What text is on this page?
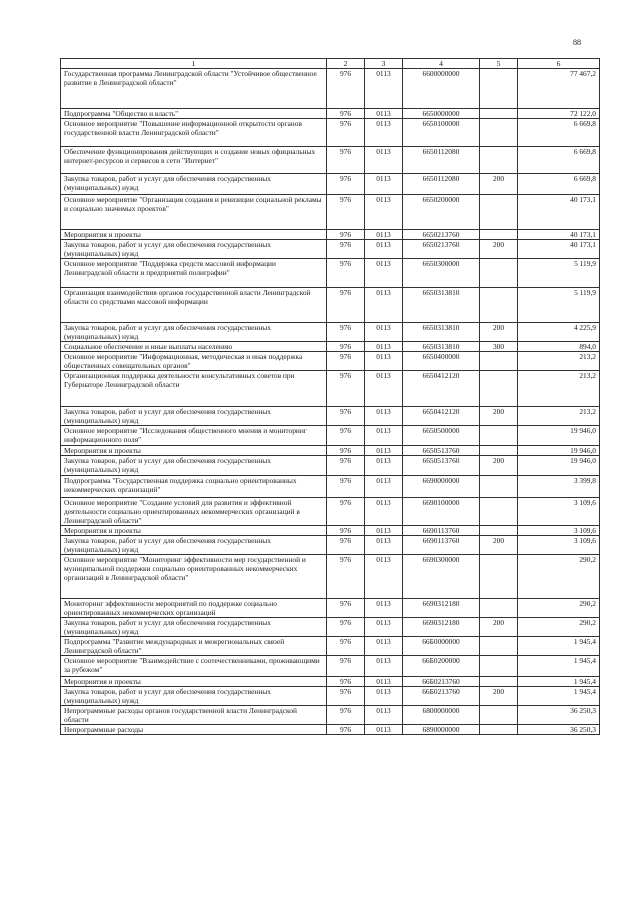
88
1	2	3	4	5	6
Государственная программа Ленинградской области "Устойчивое общественное развитие в Ленинградской области"	976	0113	6600000000		77 467,2
Подпрограмма "Общество и власть"	976	0113	6650000000		72 122,0
Основное мероприятие "Повышение информационной открытости органов государственной власти Ленинградской области"	976	0113	6650100000		6 669,8
Обеспечение функционирования действующих и создание новых официальных интернет-ресурсов и сервисов в сети "Интернет"	976	0113	6650112080		6 669,8
Закупка товаров, работ и услуг для обеспечения государственных (муниципальных) нужд	976	0113	6650112080	200	6 669,8
Основное мероприятие "Организация создания и ревизиции социальной рекламы и социально значимых проектов"	976	0113	6650200000		40 173,1
Мероприятия и проекты	976	0113	6650213760		40 173,1
Закупка товаров, работ и услуг для обеспечения государственных (муниципальных) нужд	976	0113	6650213760	200	40 173,1
Основное мероприятие "Поддержка средств массовой информации Ленинградской области и предприятий полиграфии"	976	0113	6650300000		5 119,9
Организация взаимодействия органов государственной власти Ленинградской области со средствами массовой информации	976	0113	6650313810		5 119,9
Закупка товаров, работ и услуг для обеспечения государственных (муниципальных) нужд	976	0113	6650313810	200	4 225,9
Социальное обеспечение и иные выплаты населению	976	0113	6650313810	300	894,0
Основное мероприятие "Информационная, методическая и иная поддержка общественных совещательных органов"	976	0113	6650400000		213,2
Организационная поддержка деятельности консультативных советов при Губернаторе Ленинградской области	976	0113	6650412120		213,2
Закупка товаров, работ и услуг для обеспечения государственных (муниципальных) нужд	976	0113	6650412120	200	213,2
Основное мероприятие "Исследования общественного мнения и мониторинг информационного поля"	976	0113	6650500000		19 946,0
Мероприятия и проекты	976	0113	6650513760		19 946,0
Закупка товаров, работ и услуг для обеспечения государственных (муниципальных) нужд	976	0113	6650513760	200	19 946,0
Подпрограмма "Государственная поддержка социально ориентированных некоммерческих организаций"	976	0113	6690000000		3 399,8
Основное мероприятие "Создание условий для развития и эффективной деятельности социально ориентированных некоммерческих организаций в Ленинградской области"	976	0113	6690100000		3 109,6
Мероприятия и проекты	976	0113	6690113760		3 109,6
Закупка товаров, работ и услуг для обеспечения государственных (муниципальных) нужд	976	0113	6690113760	200	3 109,6
Основное мероприятие "Мониторинг эффективности мер государственной и муниципальной поддержки социально ориентированных некоммерческих организаций в Ленинградской области"	976	0113	6690300000		290,2
Мониторинг эффективности мероприятий по поддержке социально ориентированных некоммерческих организаций	976	0113	6690312180		290,2
Закупка товаров, работ и услуг для обеспечения государственных (муниципальных) нужд	976	0113	6690312180	200	290,2
Подпрограмма "Развитие международных и межрегиональных связей Ленинградской области"	976	0113	66Б0000000		1 945,4
Основное мероприятие "Взаимодействие с соотечественниками, проживающими за рубежом"	976	0113	66Б0200000		1 945,4
Мероприятия и проекты	976	0113	66Б0213760		1 945,4
Закупка товаров, работ и услуг для обеспечения государственных (муниципальных) нужд	976	0113	66Б0213760	200	1 945,4
Непрограммные расходы органов государственной власти Ленинградской области	976	0113	6800000000		36 250,3
Непрограммные расходы	976	0113	6890000000		36 250,3
